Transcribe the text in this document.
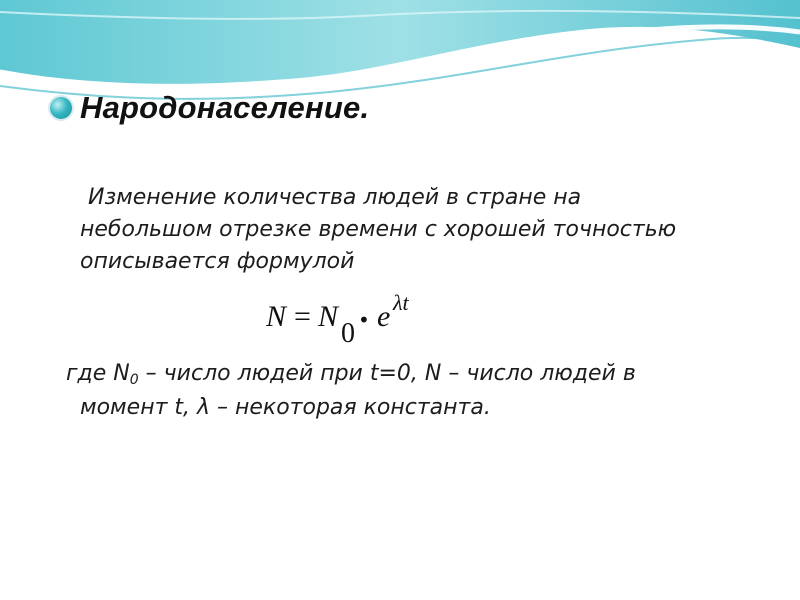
Народонаселение.
Изменение количества людей в стране на небольшом отрезке времени с хорошей точностью описывается формулой
N = N
0 • e λt
где N0 – число людей при t=0, N – число людей в
момент t, λ – некоторая константа.
